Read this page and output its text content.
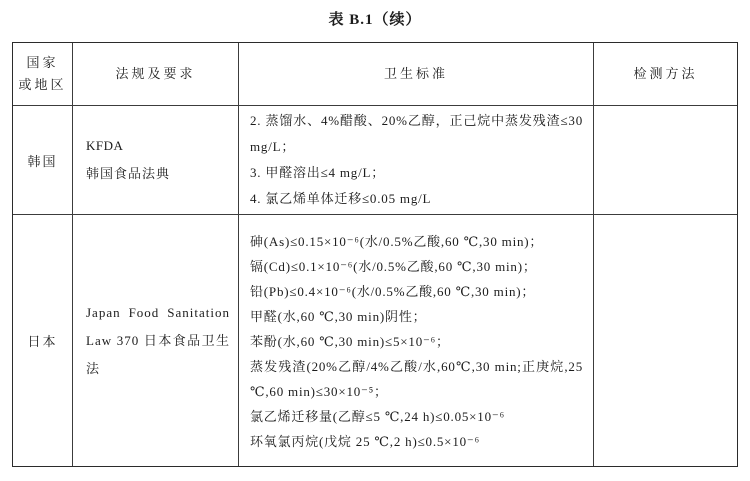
表 B.1（续）
国家
或地区
法规及要求	卫生标准	检测方法
韩国
KFDA
韩国食品法典

2. 蒸馏水、4%醋酸、20%乙醇，正己烷中蒸发残渣≤30 mg/L；

3. 甲醛溶出≤4 mg/L；

4. 氯乙烯单体迁移≤0.05 mg/L

日本
Japan Food Sanitation Law 370 日本食品卫生法

砷(As)≤0.15×10⁻⁶(水/0.5%乙酸,60 ℃,30 min)；

镉(Cd)≤0.1×10⁻⁶(水/0.5%乙酸,60 ℃,30 min)；

铅(Pb)≤0.4×10⁻⁶(水/0.5%乙酸,60 ℃,30 min)；

甲醛(水,60 ℃,30 min)阴性；

苯酚(水,60 ℃,30 min)≤5×10⁻⁶；

蒸发残渣(20%乙醇/4%乙酸/水,60℃,30 min;正庚烷,25 ℃,60 min)≤30×10⁻⁵；

氯乙烯迁移量(乙醇≤5 ℃,24 h)≤0.05×10⁻⁶

环氧氯丙烷(戊烷 25 ℃,2 h)≤0.5×10⁻⁶
